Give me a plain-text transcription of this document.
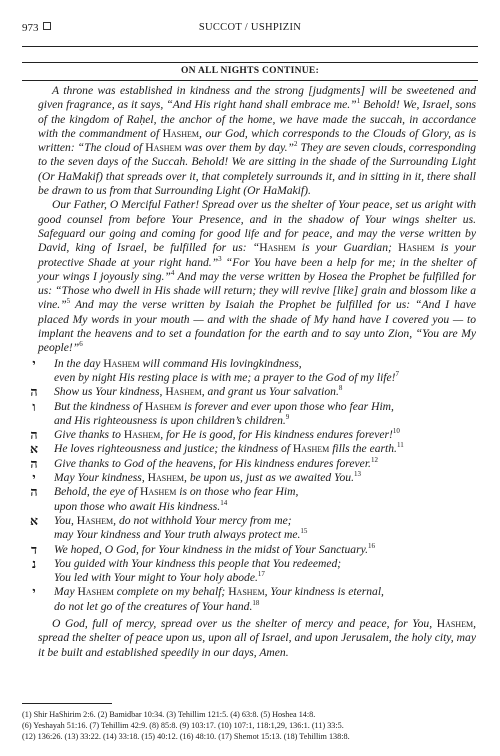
973	SUCCOT / USHPIZIN
ON ALL NIGHTS CONTINUE:

A throne was established in kindness and the strong [judgments] will be sweetened and given fragrance, as it says, “And His right hand shall embrace me.”$^1$ Behold! We, Israel, sons of the kingdom of Raḥel, the anchor of the home, we have made the succah, in accordance with the commandment of Hashem, our God, which corresponds to the Clouds of Glory, as is written: “The cloud of Hashem was over them by day.”$^2$ They are seven clouds, corresponding to the seven days of the Succah. Behold! We are sitting in the shade of the Surrounding Light (Or HaMakif) that spreads over it, that completely surrounds it, and in sitting in it, there shall be drawn to us from that Surrounding Light (Or HaMakif).

Our Father, O Merciful Father! Spread over us the shelter of Your peace, set us aright with good counsel from before Your Presence, and in the shadow of Your wings shelter us. Safeguard our going and coming for good life and for peace, and may the verse written by David, king of Israel, be fulfilled for us: “Hashem is your Guardian; Hashem is your protective Shade at your right hand.”$^3$ “For You have been a help for me; in the shelter of your wings I joyously sing.”$^4$ And may the verse written by Hosea the Prophet be fulfilled for us: “Those who dwell in His shade will return; they will revive [like] grain and blossom like a vine.”$^5$ And may the verse written by Isaiah the Prophet be fulfilled for us: “And I have placed My words in your mouth — and with the shade of My hand have I covered you — to implant the heavens and to set a foundation for the earth and to say unto Zion, “You are My people!”$^6$

י	In the day Hashem will command His lovingkindness,
even by night His resting place is with me; a prayer to the God of my life!$^7$
ה Show us Your kindness, Hashem, and grant us Your salvation.$^8$
ו	But the kindness of Hashem is forever and ever upon those who fear Him,
and His righteousness is upon children’s children.$^9$
ה Give thanks to Hashem, for He is good, for His kindness endures forever!$^{10}$
א He loves righteousness and justice; the kindness of Hashem fills the earth.$^{11}$
ה Give thanks to God of the heavens, for His kindness endures forever.$^{12}$
י	May Your kindness, Hashem, be upon us, just as we awaited You.$^{13}$
ה Behold, the eye of Hashem is on those who fear Him,
upon those who await His kindness.$^{14}$
א You, Hashem, do not withhold Your mercy from me;
may Your kindness and Your truth always protect me.$^{15}$
ד We hoped, O God, for Your kindness in the midst of Your Sanctuary.$^{16}$
נ	You guided with Your kindness this people that You redeemed;
You led with Your might to Your holy abode.$^{17}$
י	May Hashem complete on my behalf; Hashem, Your kindness is eternal,
do not let go of the creatures of Your hand.$^{18}$

O God, full of mercy, spread over us the shelter of mercy and peace, for You, Hashem, spread the shelter of peace upon us, upon all of Israel, and upon Jerusalem, the holy city, may it be built and established speedily in our days, Amen.

(1) Shir HaShirim 2:6. (2) Bamidbar 10:34. (3) Tehillim 121:5. (4) 63:8. (5) Hoshea 14:8.
(6) Yeshayah 51:16. (7) Tehillim 42:9. (8) 85:8. (9) 103:17. (10) 107:1, 118:1,29, 136:1. (11) 33:5.
(12) 136:26. (13) 33:22. (14) 33:18. (15) 40:12. (16) 48:10. (17) Shemot 15:13. (18) Tehillim 138:8.
